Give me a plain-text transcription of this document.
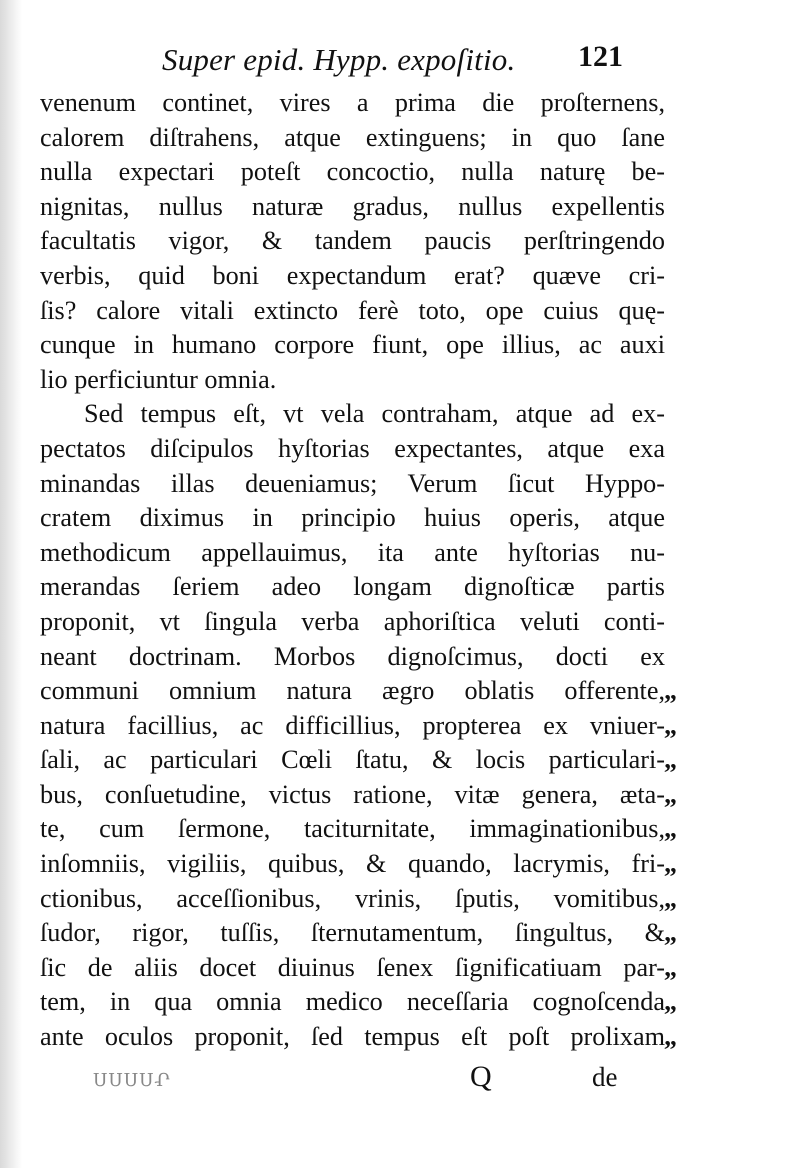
Super epid. Hypp. expoſitio. 121
venenum continet, vires a prima die proſternens,
calorem diſtrahens, atque extinguens; in quo ſane
nulla expectari poteſt concoctio, nulla naturę be-
nignitas, nullus naturæ gradus, nullus expellentis
facultatis vigor, & tandem paucis perſtringendo
verbis, quid boni expectandum erat? quæve cri-
ſis? calore vitali extincto ferè toto, ope cuius quę-
cunque in humano corpore fiunt, ope illius, ac auxi
lio perficiuntur omnia.
Sed tempus eſt, vt vela contraham, atque ad ex-
pectatos diſcipulos hyſtorias expectantes, atque exa
minandas illas deueniamus; Verum ſicut Hyppo-
cratem diximus in principio huius operis, atque
methodicum appellauimus, ita ante hyſtorias nu-
merandas ſeriem adeo longam dignoſticæ partis
proponit, vt ſingula verba aphoriſtica veluti conti-
neant doctrinam. Morbos dignoſcimus, docti ex
communi omnium natura ægro oblatis offerente,
natura facillius, ac difficillius, propterea ex vniuer-
ſali, ac particulari Cœli ſtatu, & locis particulari-
bus, conſuetudine, victus ratione, vitæ genera, æta-
te, cum ſermone, taciturnitate, immaginationibus,
inſomniis, vigiliis, quibus, & quando, lacrymis, fri-
ctionibus, acceſſionibus, vrinis, ſputis, vomitibus,
ſudor, rigor, tuſſis, ſternutamentum, ſingultus, &
ſic de aliis docet diuinus ſenex ſignificatiuam par-
tem, in qua omnia medico neceſſaria cognoſcenda
ante oculos proponit, ſed tempus eſt poſt prolixam
„
„
„
„
„
„
„
„
„
„
„
ԴՍՍՍՍ	Q	de
